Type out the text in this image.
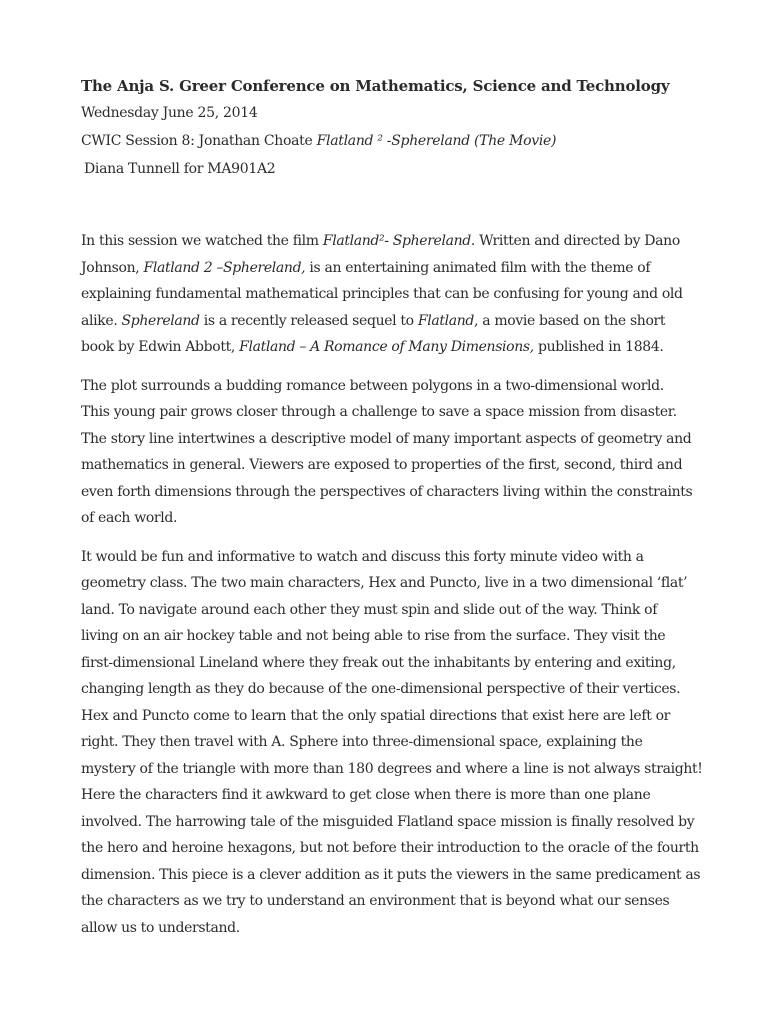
The Anja S. Greer Conference on Mathematics, Science and Technology

Wednesday June 25, 2014

CWIC Session 8: Jonathan Choate Flatland ² -Sphereland (The Movie)

Diana Tunnell for MA901A2

In this session we watched the film Flatland²- Sphereland. Written and directed by Dano
Johnson, Flatland 2 –Sphereland, is an entertaining animated film with the theme of
explaining fundamental mathematical principles that can be confusing for young and old
alike. Sphereland is a recently released sequel to Flatland, a movie based on the short
book by Edwin Abbott, Flatland – A Romance of Many Dimensions, published in 1884.
The plot surrounds a budding romance between polygons in a two-dimensional world.
This young pair grows closer through a challenge to save a space mission from disaster.
The story line intertwines a descriptive model of many important aspects of geometry and
mathematics in general. Viewers are exposed to properties of the first, second, third and
even forth dimensions through the perspectives of characters living within the constraints
of each world.
It would be fun and informative to watch and discuss this forty minute video with a
geometry class. The two main characters, Hex and Puncto, live in a two dimensional ‘flat’
land. To navigate around each other they must spin and slide out of the way. Think of
living on an air hockey table and not being able to rise from the surface. They visit the
first-dimensional Lineland where they freak out the inhabitants by entering and exiting,
changing length as they do because of the one-dimensional perspective of their vertices.
Hex and Puncto come to learn that the only spatial directions that exist here are left or
right. They then travel with A. Sphere into three-dimensional space, explaining the
mystery of the triangle with more than 180 degrees and where a line is not always straight!
Here the characters find it awkward to get close when there is more than one plane
involved. The harrowing tale of the misguided Flatland space mission is finally resolved by
the hero and heroine hexagons, but not before their introduction to the oracle of the fourth
dimension. This piece is a clever addition as it puts the viewers in the same predicament as
the characters as we try to understand an environment that is beyond what our senses
allow us to understand.
